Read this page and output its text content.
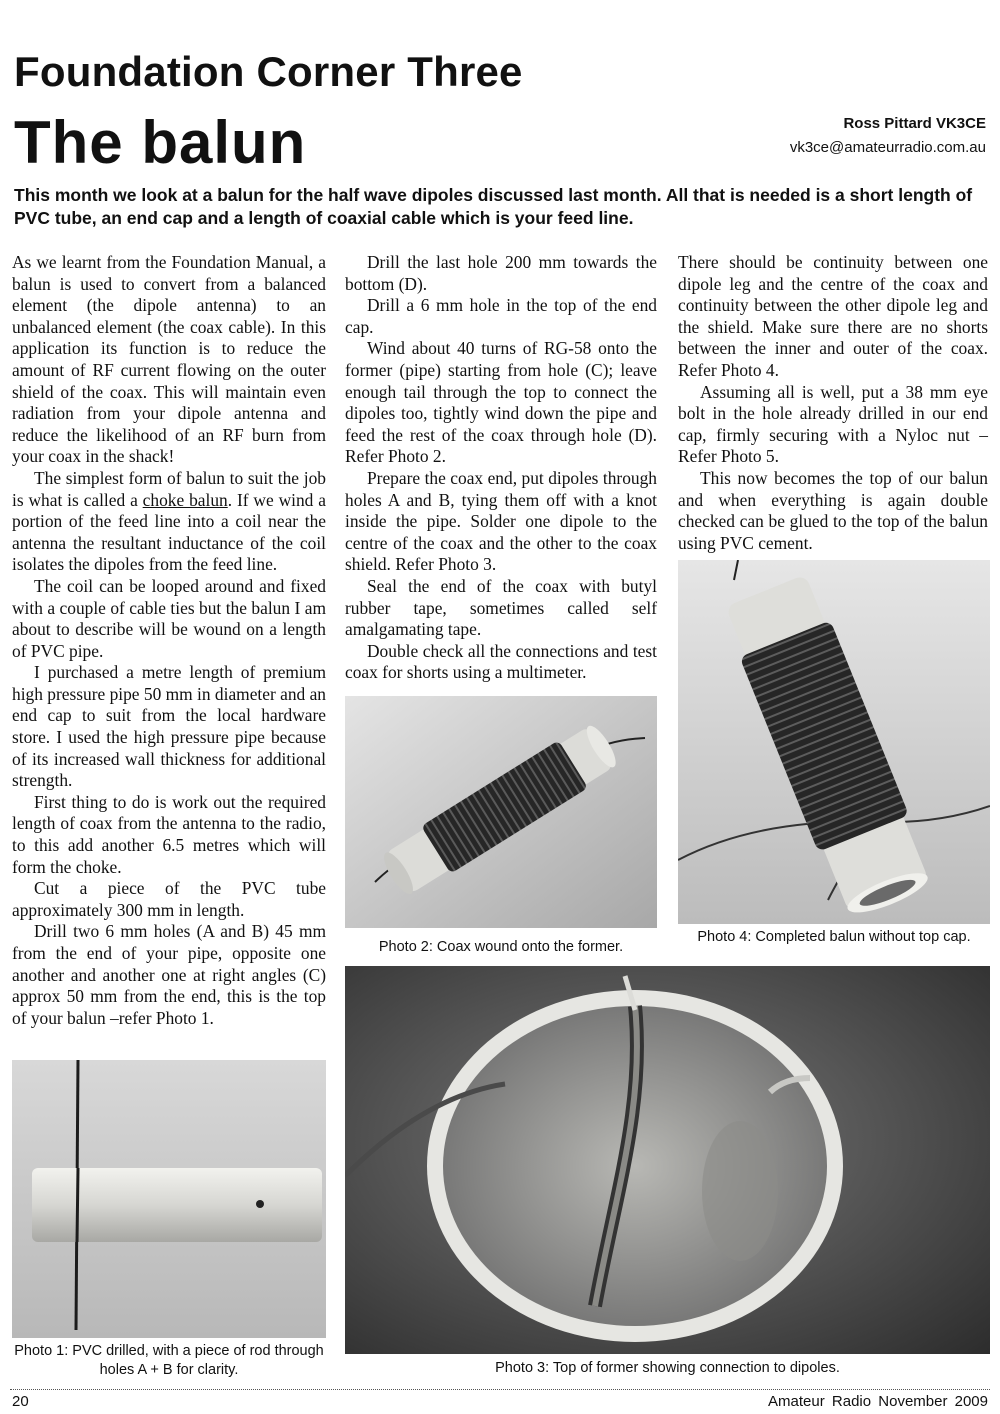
Foundation Corner Three
The balun	Ross Pittard VK3CE
vk3ce@amateurradio.com.au
This month we look at a balun for the half wave dipoles discussed last month. All that is needed is a short length of PVC tube, an end cap and a length of coaxial cable which is your feed line.

As we learnt from the Foundation Manual, a balun is used to convert from a balanced element (the dipole antenna) to an unbalanced element (the coax cable). In this application its function is to reduce the amount of RF current flowing on the outer shield of the coax. This will maintain even radiation from your dipole antenna and reduce the likelihood of an RF burn from your coax in the shack!

The simplest form of balun to suit the job is what is called a choke balun. If we wind a portion of the feed line into a coil near the antenna the resultant inductance of the coil isolates the dipoles from the feed line.

The coil can be looped around and fixed with a couple of cable ties but the balun I am about to describe will be wound on a length of PVC pipe.

I purchased a metre length of premium high pressure pipe 50 mm in diameter and an end cap to suit from the local hardware store. I used the high pressure pipe because of its increased wall thickness for additional strength.

First thing to do is work out the required length of coax from the antenna to the radio, to this add another 6.5 metres which will form the choke.

Cut a piece of the PVC tube approximately 300 mm in length.

Drill two 6 mm holes (A and B) 45 mm from the end of your pipe, opposite one another and another one at right angles (C) approx 50 mm from the end, this is the top of your balun –refer Photo 1.

Drill the last hole 200 mm towards the bottom (D).

Drill a 6 mm hole in the top of the end cap.

Wind about 40 turns of RG-58 onto the former (pipe) starting from hole (C); leave enough tail through the top to connect the dipoles too, tightly wind down the pipe and feed the rest of the coax through hole (D). Refer Photo 2.

Prepare the coax end, put dipoles through holes A and B, tying them off with a knot inside the pipe. Solder one dipole to the centre of the coax and the other to the coax shield. Refer Photo 3.

Seal the end of the coax with butyl rubber tape, sometimes called self amalgamating tape.

Double check all the connections and test coax for shorts using a multimeter.

There should be continuity between one dipole leg and the centre of the coax and continuity between the other dipole leg and the shield. Make sure there are no shorts between the inner and outer of the coax. Refer Photo 4.

Assuming all is well, put a 38 mm eye bolt in the hole already drilled in our end cap, firmly securing with a Nyloc nut – Refer Photo 5.

This now becomes the top of our balun and when everything is again double checked can be glued to the top of the balun using PVC cement.

Photo 2: Coax wound onto the former.
Photo 4: Completed balun without top cap.
Photo 1: PVC drilled, with a piece of rod through holes A + B for clarity.	Photo 3: Top of former showing connection to dipoles.
20	Amateur Radio November 2009
